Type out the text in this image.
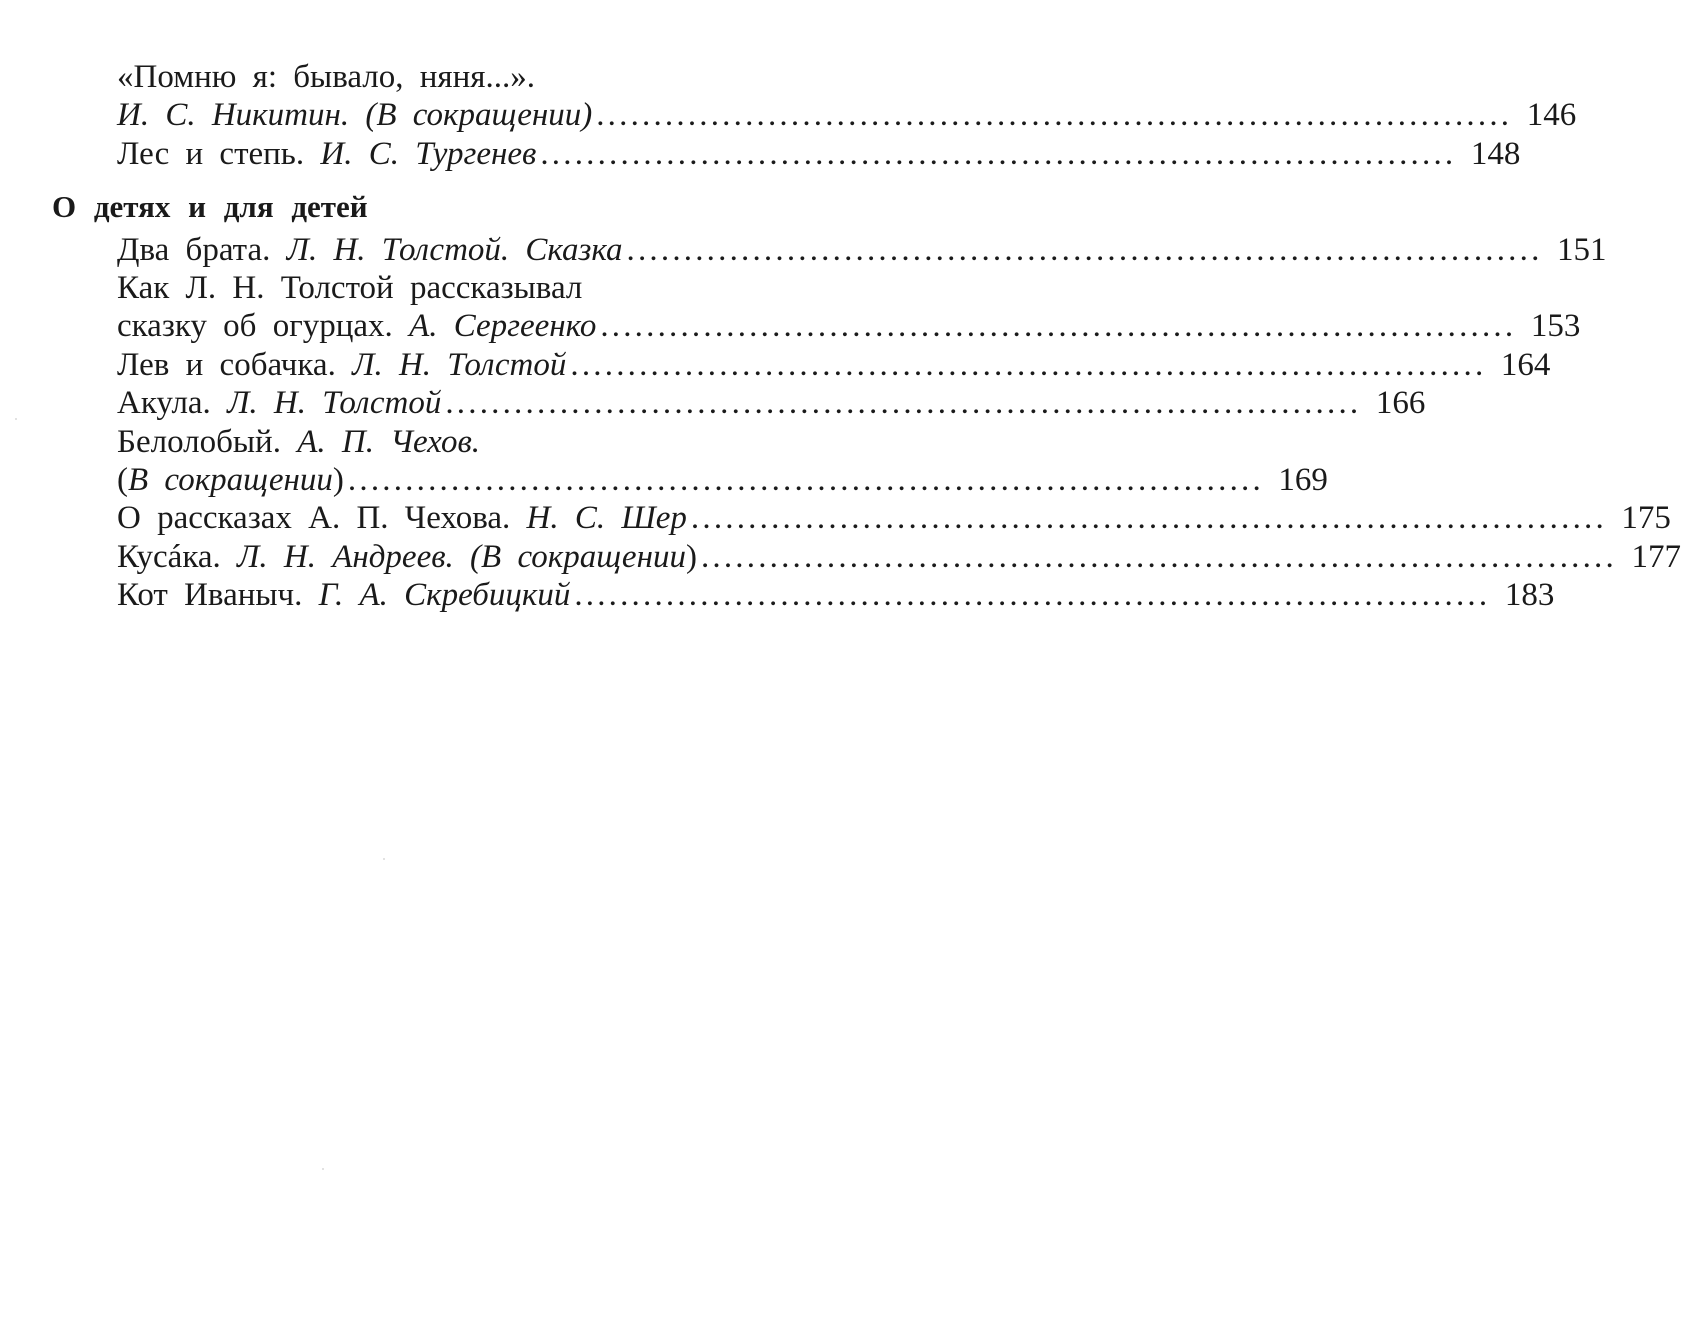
«Помню я: бывало, няня...».
И. С. Никитин. (В сокращении) ................................................................................ 146
Лес и степь. И. С. Тургенев ................................................................................ 148
О детях и для детей
Два брата. Л. Н. Толстой. Сказка ................................................................................ 151
Как Л. Н. Толстой рассказывал
сказку об огурцах. А. Сергеенко ................................................................................ 153
Лев и собачка. Л. Н. Толстой ................................................................................ 164
Акула. Л. Н. Толстой ................................................................................ 166
Белолобый. А. П. Чехов.
(В сокращении) ................................................................................ 169
О рассказах А. П. Чехова. Н. С. Шер ................................................................................ 175
Кусáка. Л. Н. Андреев. (В сокращении) ................................................................................ 177
Кот Иваныч. Г. А. Скребицкий ................................................................................ 183
